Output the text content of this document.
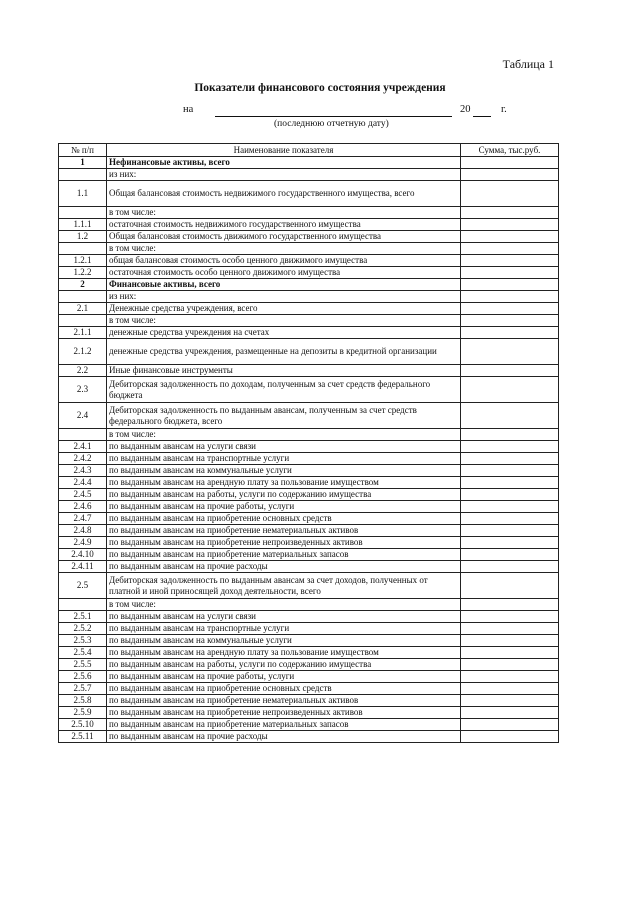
Таблица 1
Показатели финансового состояния учреждения
на	20	г.
(последнюю отчетную дату)
№ п/п	Наименование показателя	Сумма, тыс.руб.
1	Нефинансовые активы, всего	
	из них:	
1.1	Общая балансовая стоимость недвижимого государственного имущества, всего	
	в том числе:	
1.1.1	остаточная стоимость недвижимого государственного имущества	
1.2	Общая балансовая стоимость движимого государственного имущества	
	в том числе:	
1.2.1	общая балансовая стоимость особо ценного движимого имущества	
1.2.2	остаточная стоимость особо ценного движимого имущества	
2	Финансовые активы, всего	
	из них:	
2.1	Денежные средства учреждения, всего	
	в том числе:	
2.1.1	денежные средства учреждения на счетах	
2.1.2	денежные средства учреждения, размещенные на депозиты в кредитной организации	
2.2	Иные финансовые инструменты	
2.3	Дебиторская задолженность по доходам, полученным за счет средств федерального бюджета	
2.4	Дебиторская задолженность по выданным авансам, полученным за счет средств федерального бюджета, всего	
	в том числе:	
2.4.1	по выданным авансам на услуги связи	
2.4.2	по выданным авансам на транспортные услуги	
2.4.3	по выданным авансам на коммунальные услуги	
2.4.4	по выданным авансам на арендную плату за пользование имуществом	
2.4.5	по выданным авансам на работы, услуги по содержанию имущества	
2.4.6	по выданным авансам на прочие работы, услуги	
2.4.7	по выданным авансам на приобретение основных средств	
2.4.8	по выданным авансам на приобретение нематериальных активов	
2.4.9	по выданным авансам на приобретение непроизведенных активов	
2.4.10	по выданным авансам на приобретение материальных запасов	
2.4.11	по выданным авансам на прочие расходы	
2.5	Дебиторская задолженность по выданным авансам за счет доходов, полученных от платной и иной приносящей доход деятельности, всего	
	в том числе:	
2.5.1	по выданным авансам на услуги связи	
2.5.2	по выданным авансам на транспортные услуги	
2.5.3	по выданным авансам на коммунальные услуги	
2.5.4	по выданным авансам на арендную плату за пользование имуществом	
2.5.5	по выданным авансам на работы, услуги по содержанию имущества	
2.5.6	по выданным авансам на прочие работы, услуги	
2.5.7	по выданным авансам на приобретение основных средств	
2.5.8	по выданным авансам на приобретение нематериальных активов	
2.5.9	по выданным авансам на приобретение непроизведенных активов	
2.5.10	по выданным авансам на приобретение материальных запасов	
2.5.11	по выданным авансам на прочие расходы	
